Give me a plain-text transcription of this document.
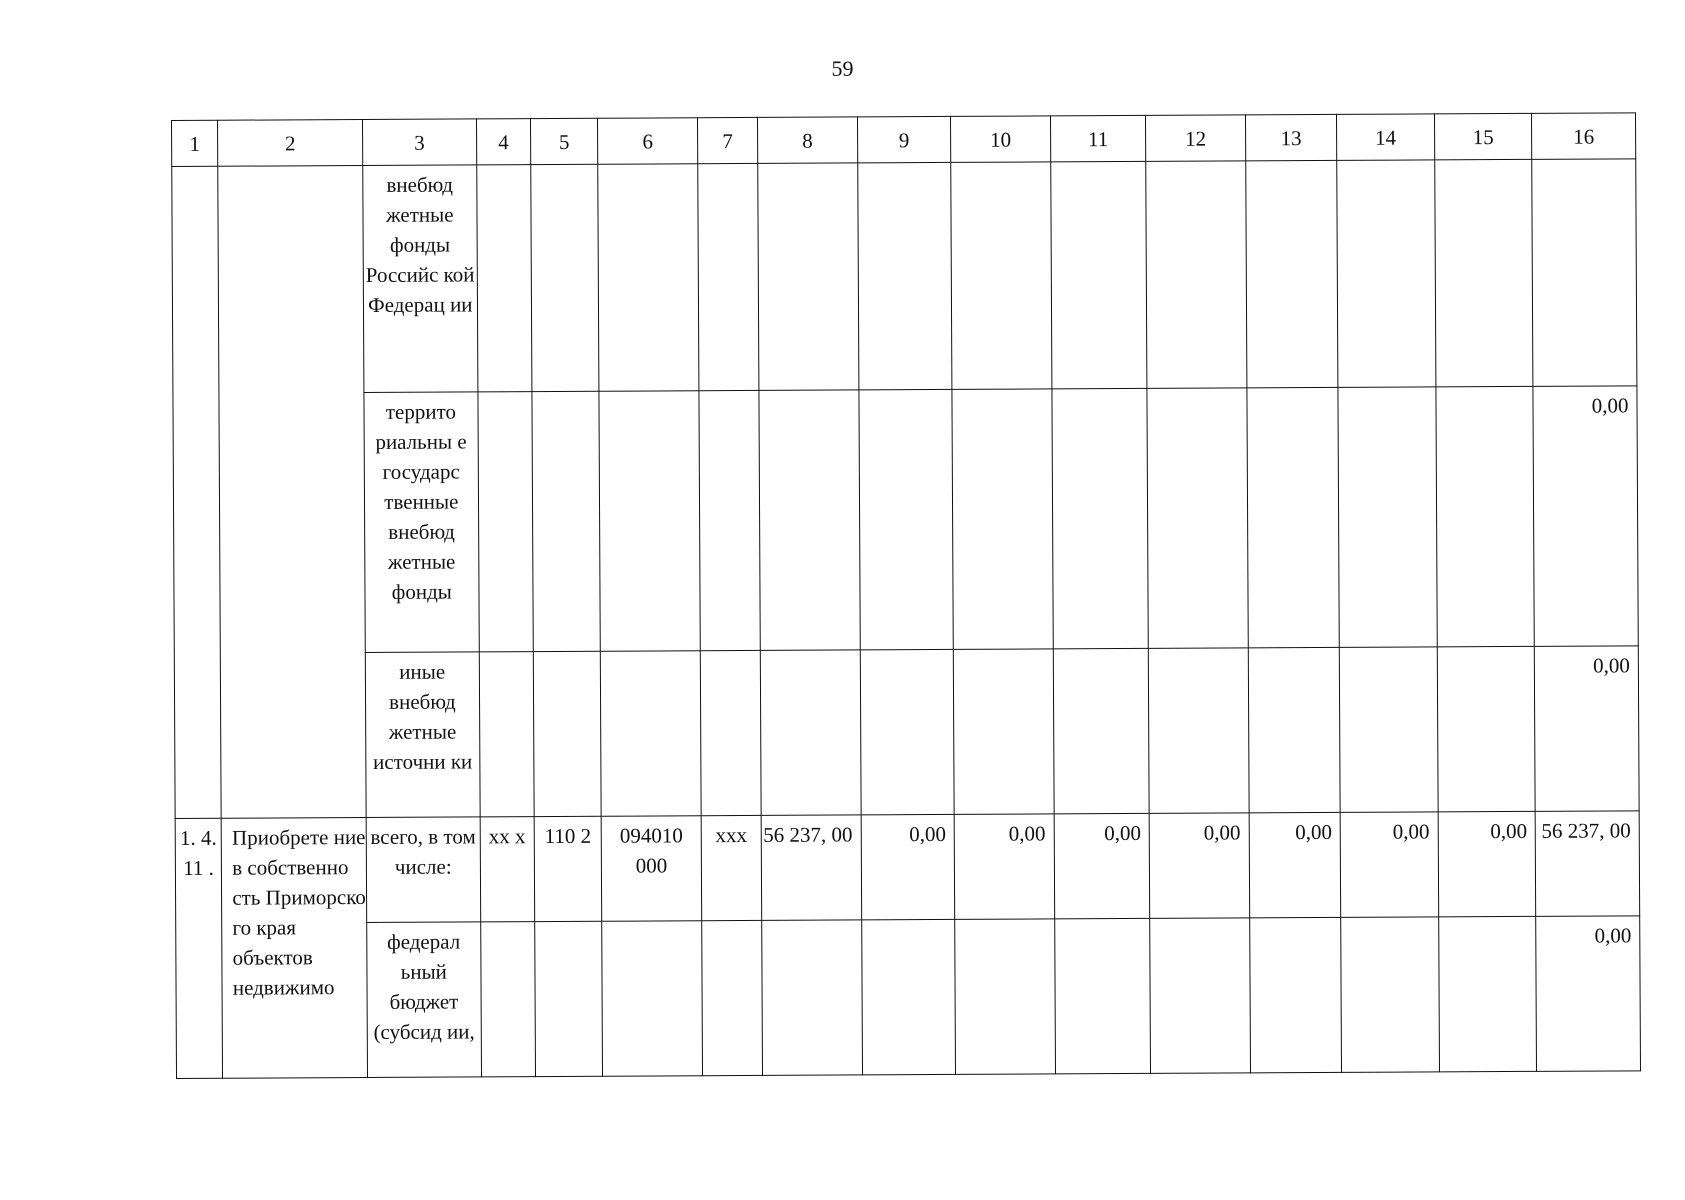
59
1	2	3	4	5	6	7	8	9	10	11	12	13	14	15	16
		внебюд жетные фонды Российс кой Федерац ии													
		террито риальны е государс твенные внебюд жетные фонды													0,00
		иные внебюд жетные источни ки													0,00
1. 4. 11 .	Приобрете ние в собственно сть Приморско го края объектов недвижимо	всего, в том числе:	xx x	110 2	094010 000	xxx	56 237, 00	0,00	0,00	0,00	0,00	0,00	0,00	0,00	56 237, 00
		федерал ьный бюджет (субсид ии,													0,00
